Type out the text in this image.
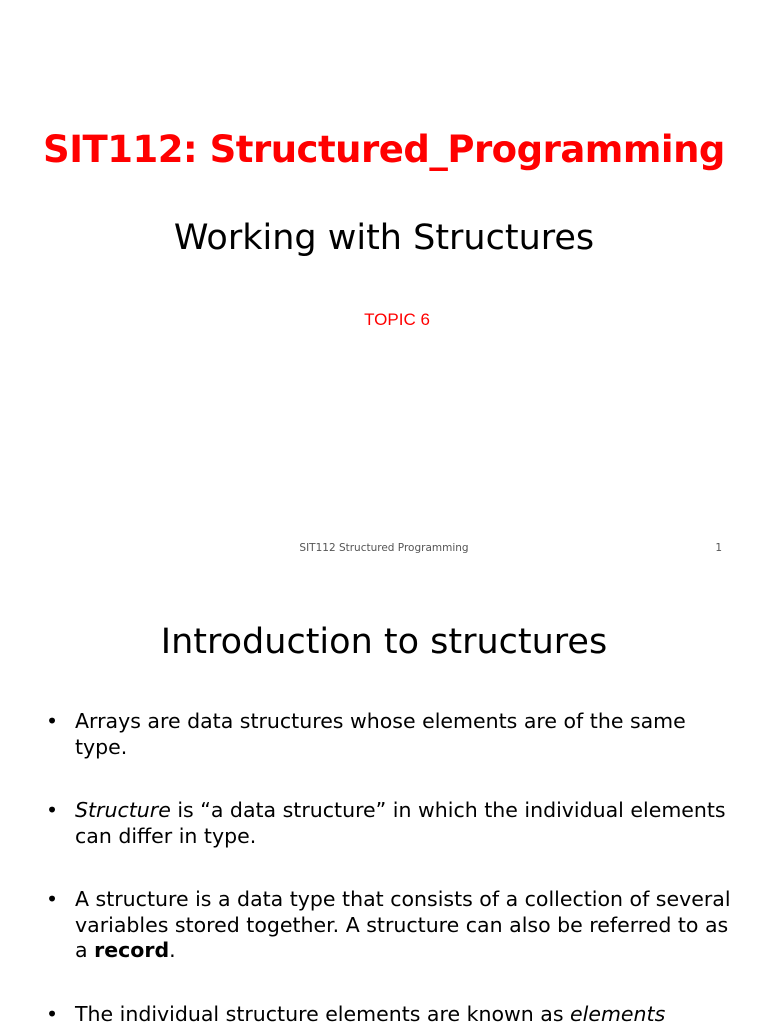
SIT112: Structured_Programming
Working with Structures
TOPIC 6
SIT112 Structured Programming	1
Introduction to structures
• Arrays are data structures whose elements are of the same type.
• Structure is “a data structure” in which the individual elements can differ in type.
• A structure is a data type that consists of a collection of several variables stored together. A structure can also be referred to as a record.
• The individual structure elements are known as elements
